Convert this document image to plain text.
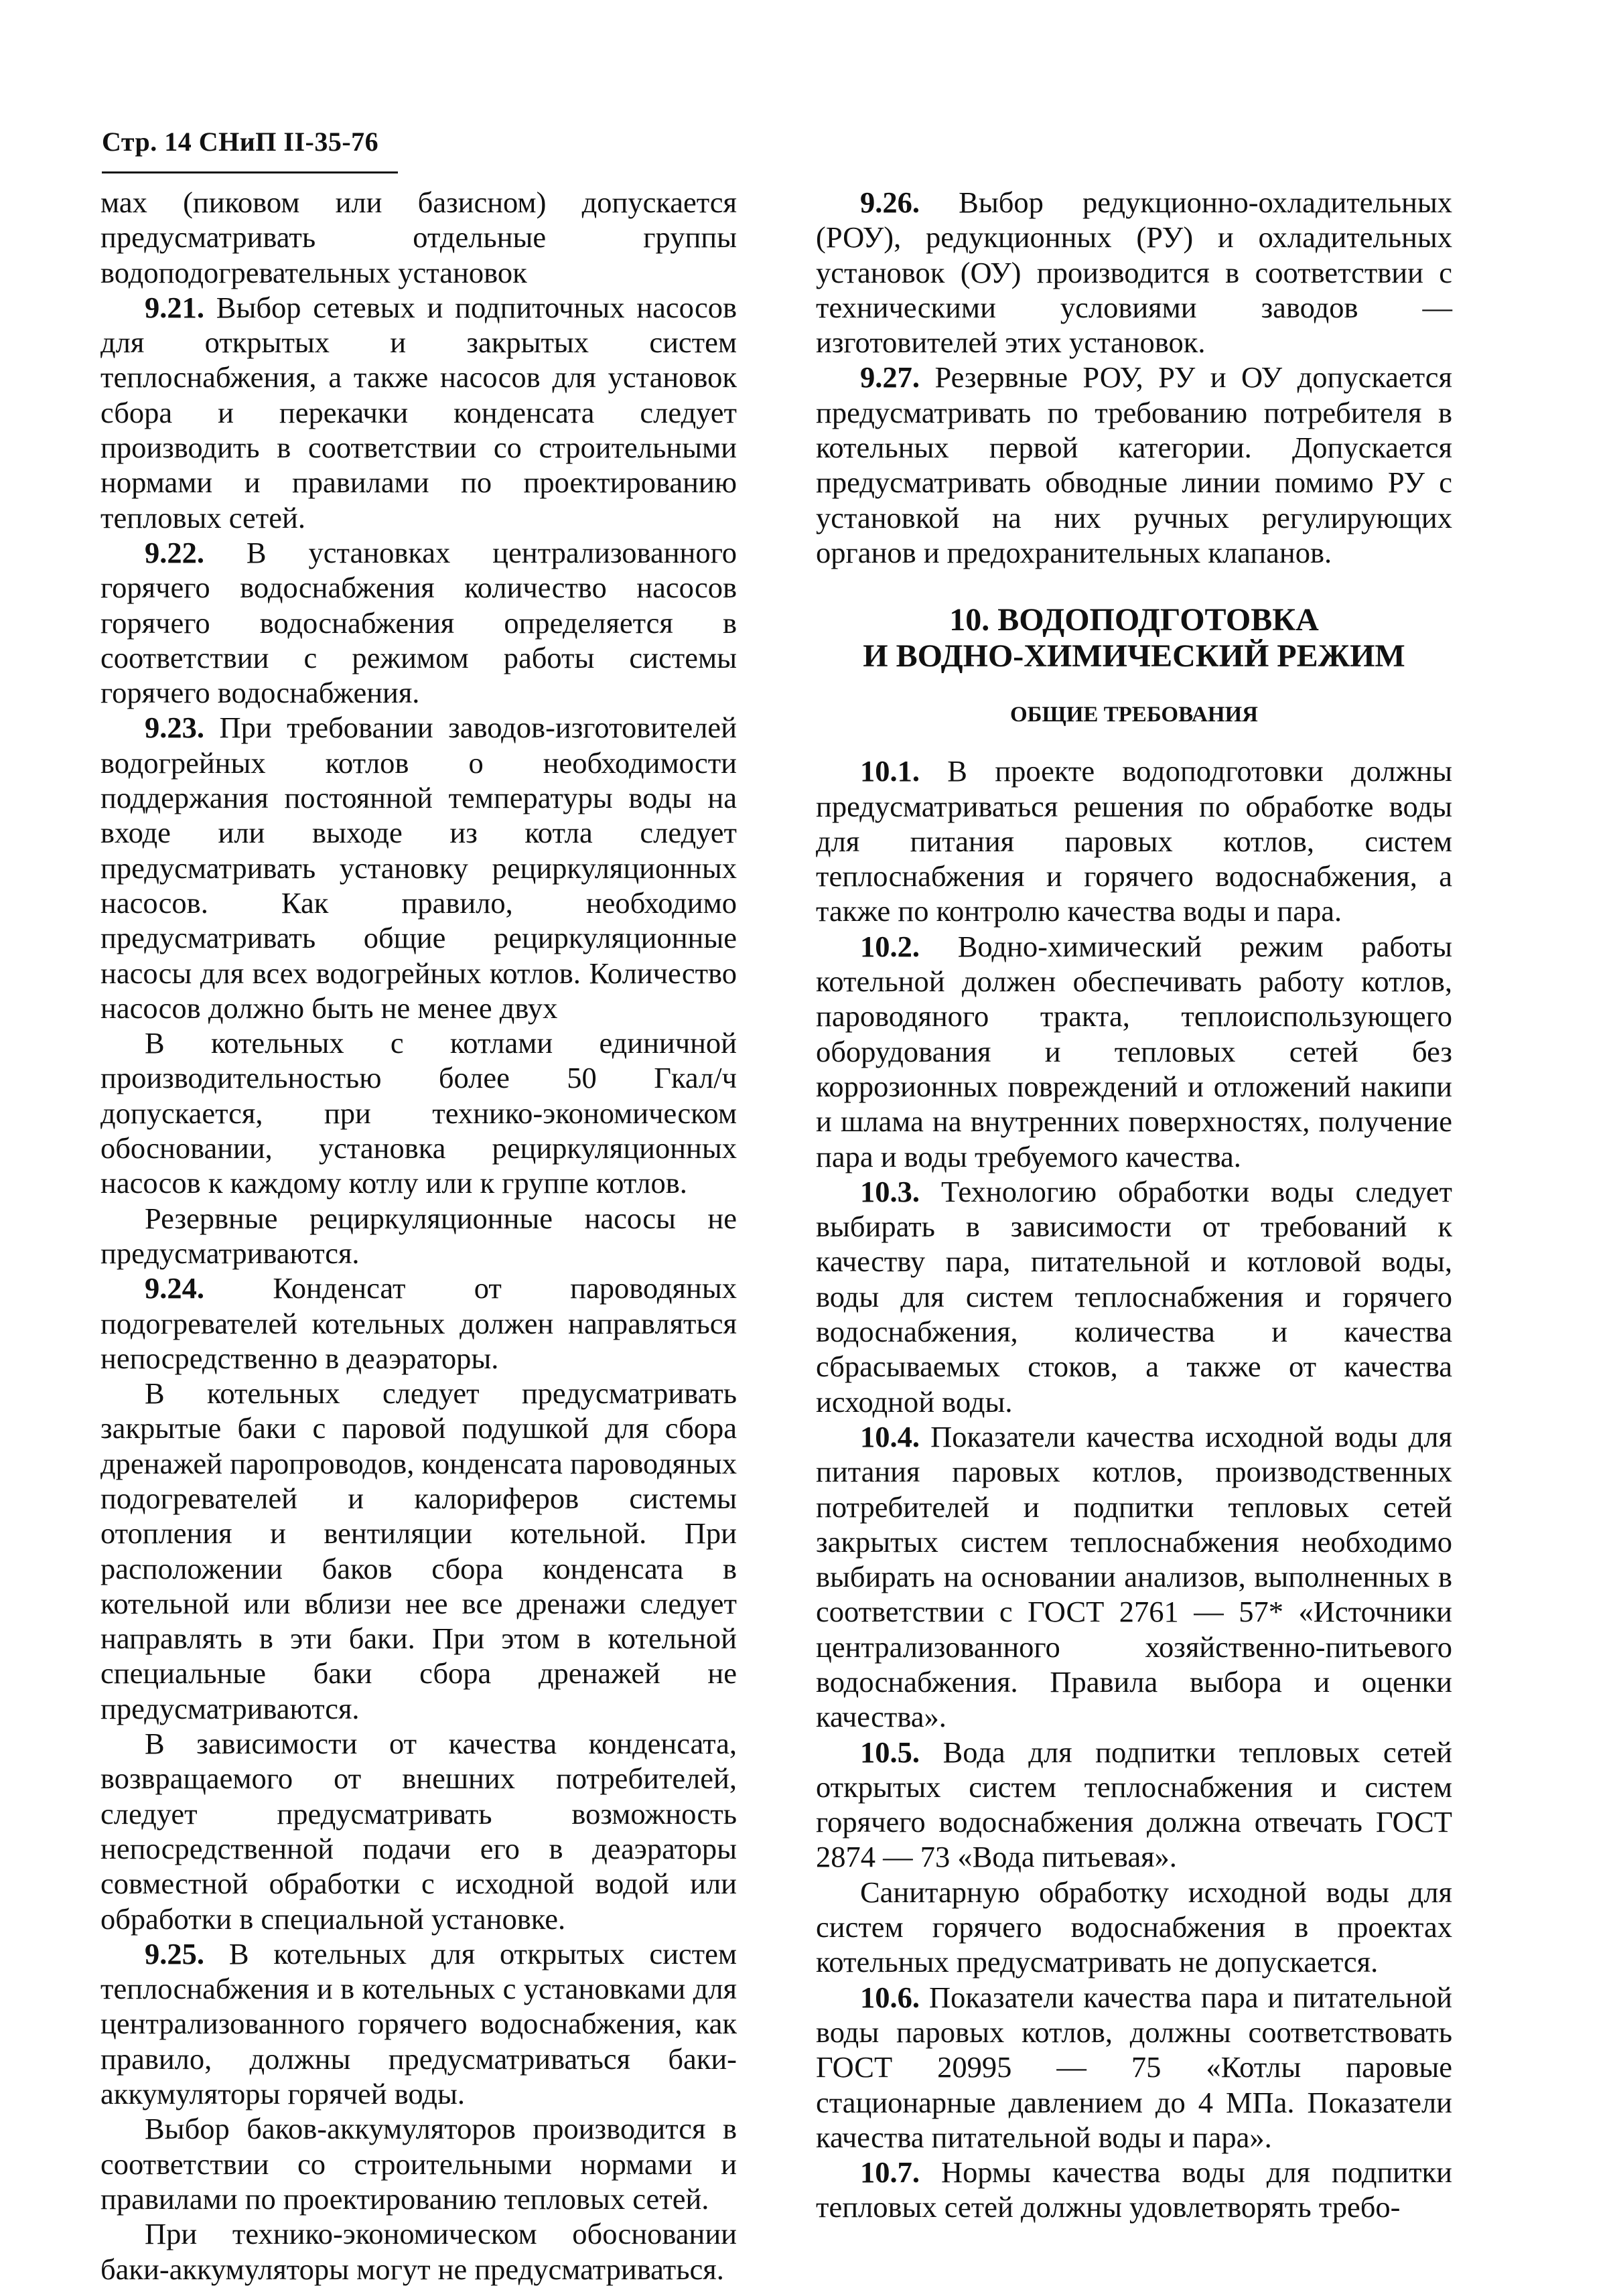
Стр. 14 СНиП II-35-76

мах (пиковом или базисном) допускается предусматривать отдельные группы водоподогревательных установок

9.21. Выбор сетевых и подпиточных насосов для открытых и закрытых систем теплоснабжения, а также насосов для установок сбора и перекачки конденсата следует производить в соответствии со строительными нормами и правилами по проектированию тепловых сетей.

9.22. В установках централизованного горячего водоснабжения количество насосов горячего водоснабжения определяется в соответствии с режимом работы системы горячего водоснабжения.

9.23. При требовании заводов-изготовителей водогрейных котлов о необходимости поддержания постоянной температуры воды на входе или выходе из котла следует предусматривать установку рециркуляционных насосов. Как правило, необходимо предусматривать общие рециркуляционные насосы для всех водогрейных котлов. Количество насосов должно быть не менее двух

В котельных с котлами единичной производительностью более 50 Гкал/ч допускается, при технико-экономическом обосновании, установка рециркуляционных насосов к каждому котлу или к группе котлов.

Резервные рециркуляционные насосы не предусматриваются.

9.24. Конденсат от пароводяных подогревателей котельных должен направляться непосредственно в деаэраторы.

В котельных следует предусматривать закрытые баки с паровой подушкой для сбора дренажей паропроводов, конденсата пароводяных подогревателей и калориферов системы отопления и вентиляции котельной. При расположении баков сбора конденсата в котельной или вблизи нее все дренажи следует направлять в эти баки. При этом в котельной специальные баки сбора дренажей не предусматриваются.

В зависимости от качества конденсата, возвращаемого от внешних потребителей, следует предусматривать возможность непосредственной подачи его в деаэраторы совместной обработки с исходной водой или обработки в специальной установке.

9.25. В котельных для открытых систем теплоснабжения и в котельных с установками для централизованного горячего водоснабжения, как правило, должны предусматриваться баки-аккумуляторы горячей воды.

Выбор баков-аккумуляторов производится в соответствии со строительными нормами и правилами по проектированию тепловых сетей.

При технико-экономическом обосновании баки-аккумуляторы могут не предусматриваться.

9.26. Выбор редукционно-охладительных (РОУ), редукционных (РУ) и охладительных установок (ОУ) производится в соответствии с техническими условиями заводов — изготовителей этих установок.

9.27. Резервные РОУ, РУ и ОУ допускается предусматривать по требованию потребителя в котельных первой категории. Допускается предусматривать обводные линии помимо РУ с установкой на них ручных регулирующих органов и предохранительных клапанов.

10. ВОДОПОДГОТОВКА
И ВОДНО-ХИМИЧЕСКИЙ РЕЖИМ
ОБЩИЕ ТРЕБОВАНИЯ

10.1. В проекте водоподготовки должны предусматриваться решения по обработке воды для питания паровых котлов, систем теплоснабжения и горячего водоснабжения, а также по контролю качества воды и пара.

10.2. Водно-химический режим работы котельной должен обеспечивать работу котлов, пароводяного тракта, теплоиспользующего оборудования и тепловых сетей без коррозионных повреждений и отложений накипи и шлама на внутренних поверхностях, получение пара и воды требуемого качества.

10.3. Технологию обработки воды следует выбирать в зависимости от требований к качеству пара, питательной и котловой воды, воды для систем теплоснабжения и горячего водоснабжения, количества и качества сбрасываемых стоков, а также от качества исходной воды.

10.4. Показатели качества исходной воды для питания паровых котлов, производственных потребителей и подпитки тепловых сетей закрытых систем теплоснабжения необходимо выбирать на основании анализов, выполненных в соответствии с ГОСТ 2761 — 57* «Источники централизованного хозяйственно-питьевого водоснабжения. Правила выбора и оценки качества».

10.5. Вода для подпитки тепловых сетей открытых систем теплоснабжения и систем горячего водоснабжения должна отвечать ГОСТ 2874 — 73 «Вода питьевая».

Санитарную обработку исходной воды для систем горячего водоснабжения в проектах котельных предусматривать не допускается.

10.6. Показатели качества пара и питательной воды паровых котлов, должны соответствовать ГОСТ 20995 — 75 «Котлы паровые стационарные давлением до 4 МПа. Показатели качества питательной воды и пара».

10.7. Нормы качества воды для подпитки тепловых сетей должны удовлетворять требо-
